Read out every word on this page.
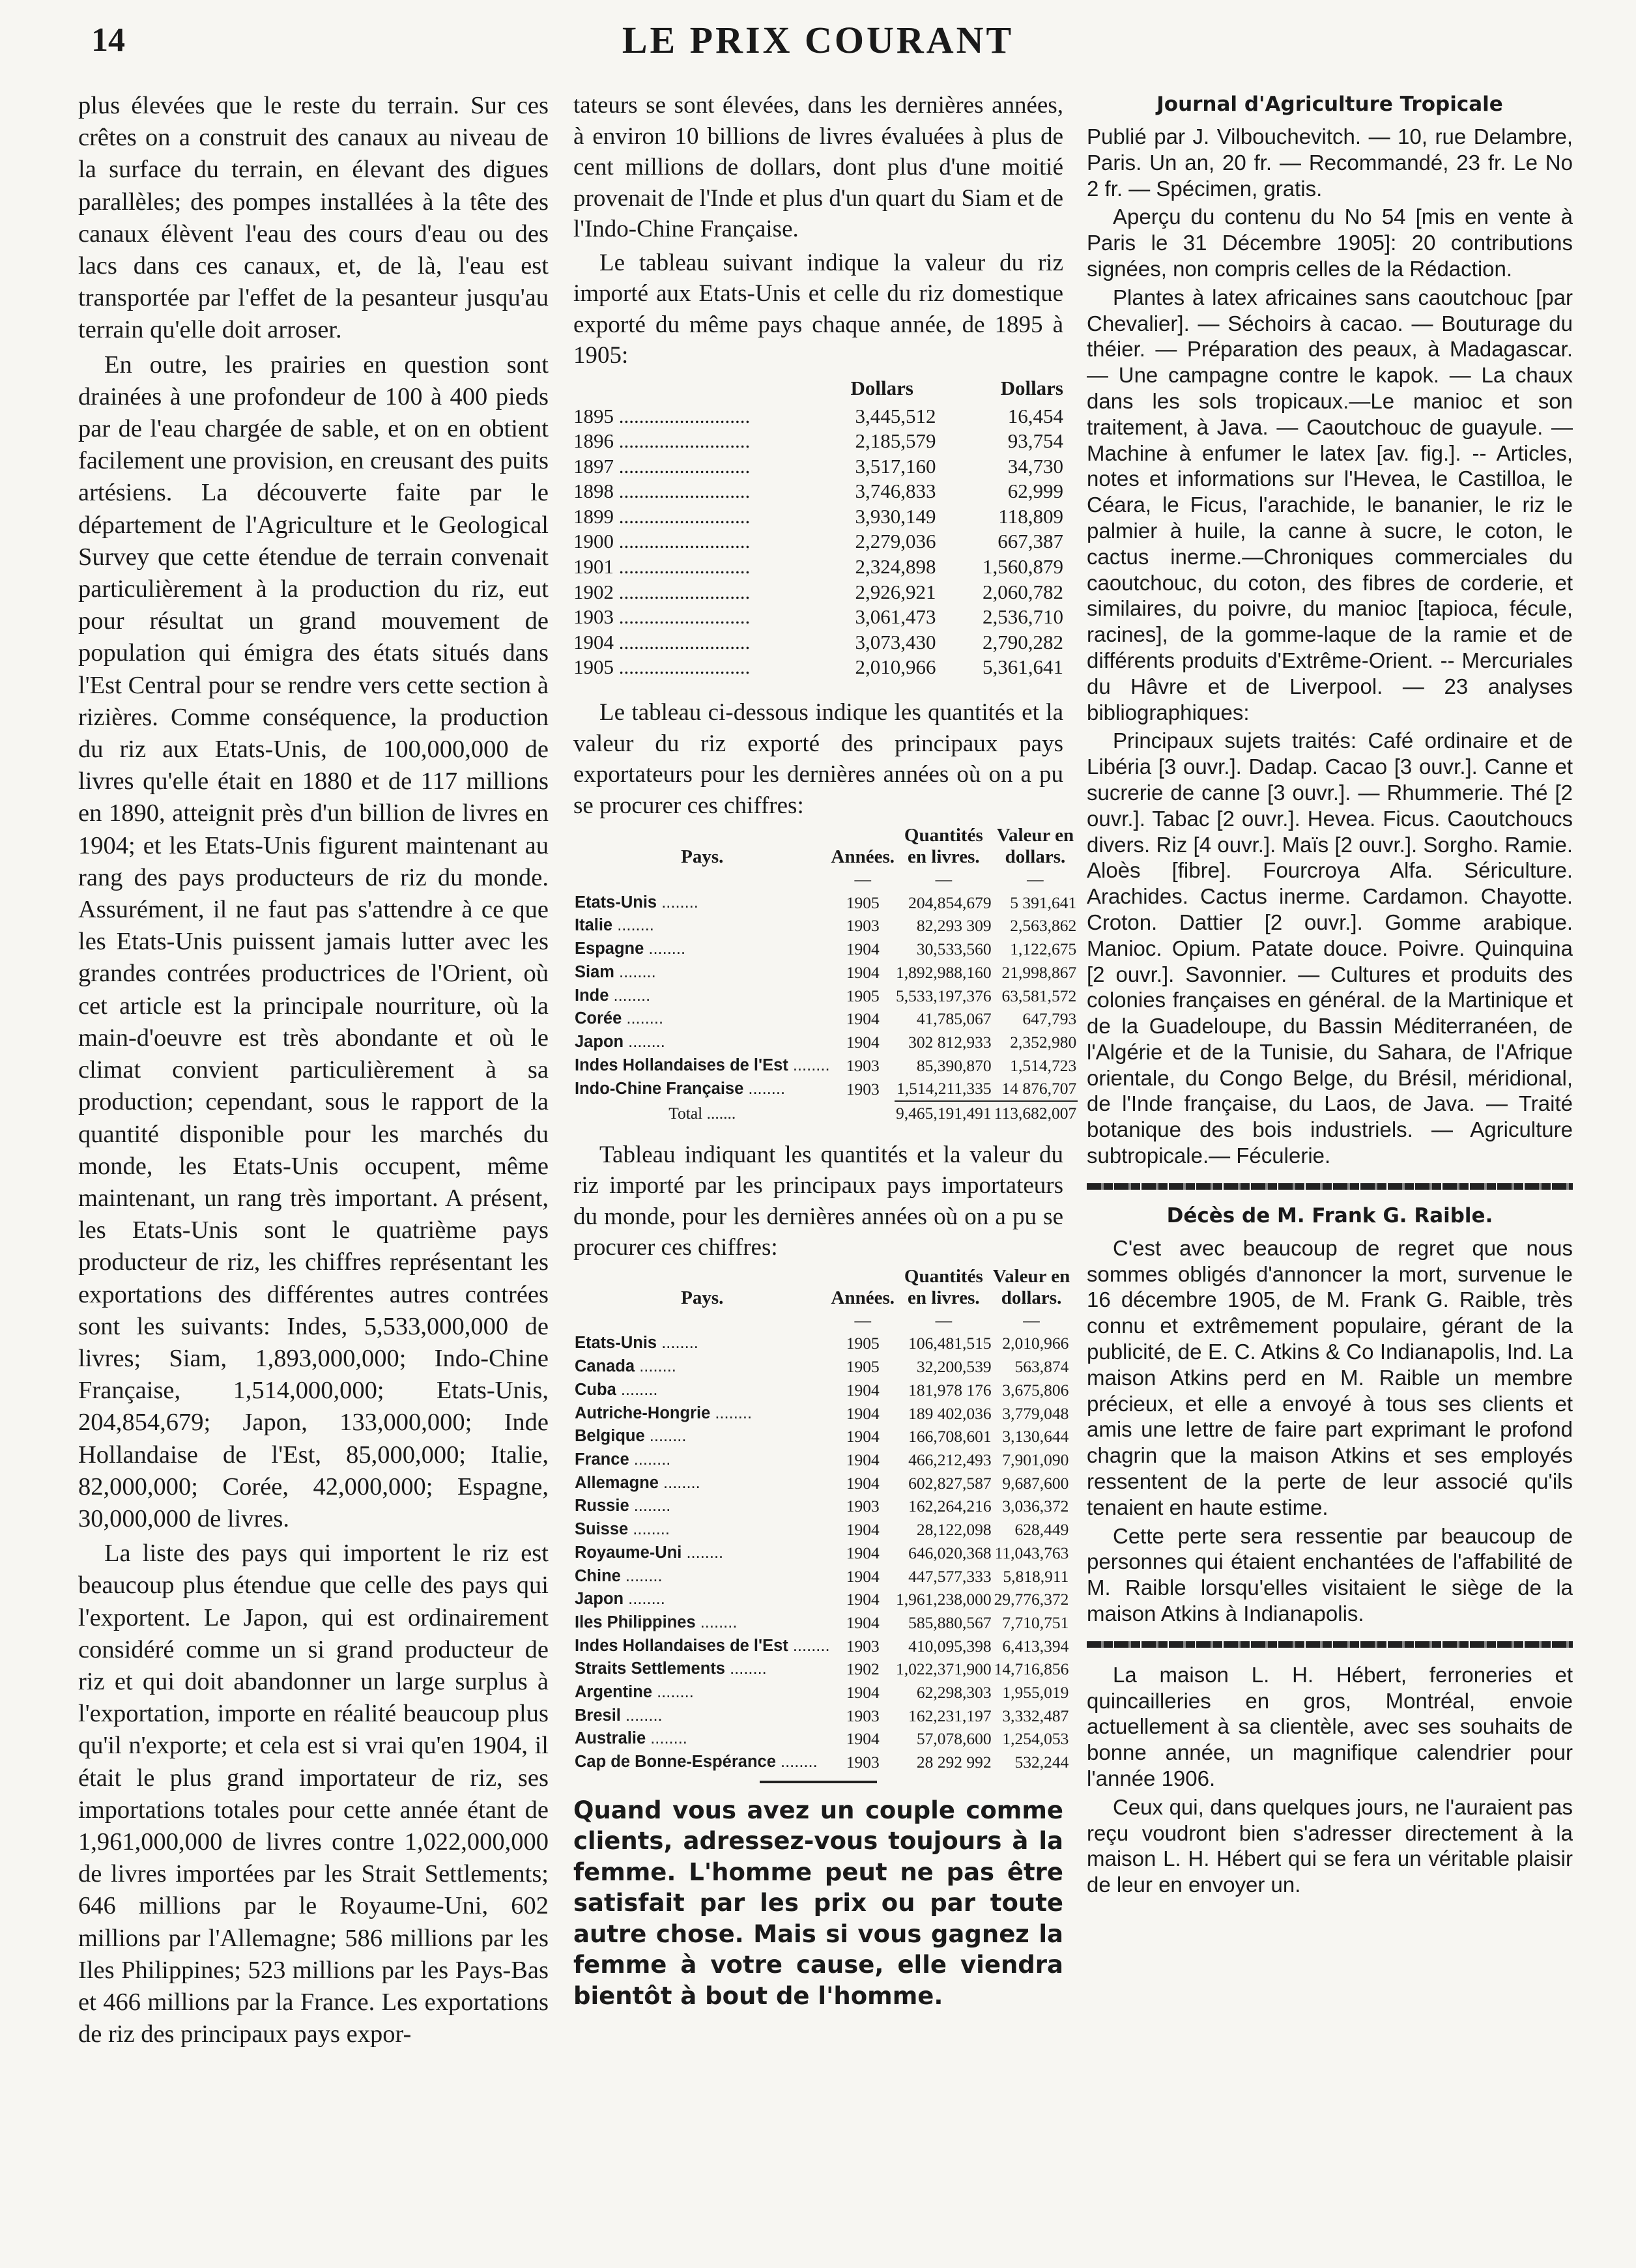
14	LE PRIX COURANT

plus élevées que le reste du terrain. Sur ces crêtes on a construit des canaux au niveau de la surface du terrain, en élevant des digues parallèles; des pompes installées à la tête des canaux élèvent l'eau des cours d'eau ou des lacs dans ces canaux, et, de là, l'eau est transportée par l'effet de la pesanteur jusqu'au terrain qu'elle doit arroser.

En outre, les prairies en question sont drainées à une profondeur de 100 à 400 pieds par de l'eau chargée de sable, et on en obtient facilement une provision, en creusant des puits artésiens. La découverte faite par le département de l'Agriculture et le Geological Survey que cette étendue de terrain convenait particulièrement à la production du riz, eut pour résultat un grand mouvement de population qui émigra des états situés dans l'Est Central pour se rendre vers cette section à rizières. Comme conséquence, la production du riz aux Etats-Unis, de 100,000,000 de livres qu'elle était en 1880 et de 117 millions en 1890, atteignit près d'un billion de livres en 1904; et les Etats-Unis figurent maintenant au rang des pays producteurs de riz du monde. Assurément, il ne faut pas s'attendre à ce que les Etats-Unis puissent jamais lutter avec les grandes contrées productrices de l'Orient, où cet article est la principale nourriture, où la main-d'oeuvre est très abondante et où le climat convient particulièrement à sa production; cependant, sous le rapport de la quantité disponible pour les marchés du monde, les Etats-Unis occupent, même maintenant, un rang très important. A présent, les Etats-Unis sont le quatrième pays producteur de riz, les chiffres représentant les exportations des différentes autres contrées sont les suivants: Indes, 5,533,000,000 de livres; Siam, 1,893,000,000; Indo-Chine Française, 1,514,000,000; Etats-Unis, 204,854,679; Japon, 133,000,000; Inde Hollandaise de l'Est, 85,000,000; Italie, 82,000,000; Corée, 42,000,000; Espagne, 30,000,000 de livres.

La liste des pays qui importent le riz est beaucoup plus étendue que celle des pays qui l'exportent. Le Japon, qui est ordinairement considéré comme un si grand producteur de riz et qui doit abandonner un large surplus à l'exportation, importe en réalité beaucoup plus qu'il n'exporte; et cela est si vrai qu'en 1904, il était le plus grand importateur de riz, ses importations totales pour cette année étant de 1,961,000,000 de livres contre 1,022,000,000 de livres importées par les Strait Settlements; 646 millions par le Royaume-Uni, 602 millions par l'Allemagne; 586 millions par les Iles Philippines; 523 millions par les Pays-Bas et 466 millions par la France. Les exportations de riz des principaux pays expor-

tateurs se sont élevées, dans les dernières années, à environ 10 billions de livres évaluées à plus de cent millions de dollars, dont plus d'une moitié provenait de l'Inde et plus d'un quart du Siam et de l'Indo-Chine Française.

Le tableau suivant indique la valeur du riz importé aux Etats-Unis et celle du riz domestique exporté du même pays chaque année, de 1895 à 1905:

	Dollars	Dollars
1895 ..........................	3,445,512	16,454
1896 ..........................	2,185,579	93,754
1897 ..........................	3,517,160	34,730
1898 ..........................	3,746,833	62,999
1899 ..........................	3,930,149	118,809
1900 ..........................	2,279,036	667,387
1901 ..........................	2,324,898	1,560,879
1902 ..........................	2,926,921	2,060,782
1903 ..........................	3,061,473	2,536,710
1904 ..........................	3,073,430	2,790,282
1905 ..........................	2,010,966	5,361,641

Le tableau ci-dessous indique les quantités et la valeur du riz exporté des principaux pays exportateurs pour les dernières années où on a pu se procurer ces chiffres:

Pays.	Années.	Quantités en livres.	Valeur en dollars.
	—	—	—
Etats-Unis ........	1905	204,854,679	5 391,641
Italie ........	1903	82,293 309	2,563,862
Espagne ........	1904	30,533,560	1,122,675
Siam ........	1904	1,892,988,160	21,998,867
Inde ........	1905	5,533,197,376	63,581,572
Corée ........	1904	41,785,067	647,793
Japon ........	1904	302 812,933	2,352,980
Indes Hollandaises de l'Est ........	1903	85,390,870	1,514,723
Indo-Chine Française ........	1903	1,514,211,335	14 876,707
Total .......		9,465,191,491	113,682,007

Tableau indiquant les quantités et la valeur du riz importé par les principaux pays importateurs du monde, pour les dernières années où on a pu se procurer ces chiffres:

Pays.	Années.	Quantités en livres.	Valeur en dollars.
	—	—	—
Etats-Unis ........	1905	106,481,515	2,010,966
Canada ........	1905	32,200,539	563,874
Cuba ........	1904	181,978 176	3,675,806
Autriche-Hongrie ........	1904	189 402,036	3,779,048
Belgique ........	1904	166,708,601	3,130,644
France ........	1904	466,212,493	7,901,090
Allemagne ........	1904	602,827,587	9,687,600
Russie ........	1903	162,264,216	3,036,372
Suisse ........	1904	28,122,098	628,449
Royaume-Uni ........	1904	646,020,368	11,043,763
Chine ........	1904	447,577,333	5,818,911
Japon ........	1904	1,961,238,000	29,776,372
Iles Philippines ........	1904	585,880,567	7,710,751
Indes Hollandaises de l'Est ........	1903	410,095,398	6,413,394
Straits Settlements ........	1902	1,022,371,900	14,716,856
Argentine ........	1904	62,298,303	1,955,019
Bresil ........	1903	162,231,197	3,332,487
Australie ........	1904	57,078,600	1,254,053
Cap de Bonne-Espérance ........	1903	28 292 992	532,244

Quand vous avez un couple comme clients, adressez-vous toujours à la femme. L'homme peut ne pas être satisfait par les prix ou par toute autre chose. Mais si vous gagnez la femme à votre cause, elle viendra bientôt à bout de l'homme.

Journal d'Agriculture Tropicale

Publié par J. Vilbouchevitch. — 10, rue Delambre, Paris. Un an, 20 fr. — Recommandé, 23 fr. Le No 2 fr. — Spécimen, gratis.

Aperçu du contenu du No 54 [mis en vente à Paris le 31 Décembre 1905]: 20 contributions signées, non compris celles de la Rédaction.

Plantes à latex africaines sans caoutchouc [par Chevalier]. — Séchoirs à cacao. — Bouturage du théier. — Préparation des peaux, à Madagascar. — Une campagne contre le kapok. — La chaux dans les sols tropicaux.—Le manioc et son traitement, à Java. — Caoutchouc de guayule. — Machine à enfumer le latex [av. fig.]. -- Articles, notes et informations sur l'Hevea, le Castilloa, le Céara, le Ficus, l'arachide, le bananier, le riz le palmier à huile, la canne à sucre, le coton, le cactus inerme.—Chroniques commerciales du caoutchouc, du coton, des fibres de corderie, et similaires, du poivre, du manioc [tapioca, fécule, racines], de la gomme-laque de la ramie et de différents produits d'Extrême-Orient. -- Mercuriales du Hâvre et de Liverpool. — 23 analyses bibliographiques:

Principaux sujets traités: Café ordinaire et de Libéria [3 ouvr.]. Dadap. Cacao [3 ouvr.]. Canne et sucrerie de canne [3 ouvr.]. — Rhummerie. Thé [2 ouvr.]. Tabac [2 ouvr.]. Hevea. Ficus. Caoutchoucs divers. Riz [4 ouvr.]. Maïs [2 ouvr.]. Sorgho. Ramie. Aloès [fibre]. Fourcroya Alfa. Sériculture. Arachides. Cactus inerme. Cardamon. Chayotte. Croton. Dattier [2 ouvr.]. Gomme arabique. Manioc. Opium. Patate douce. Poivre. Quinquina [2 ouvr.]. Savonnier. — Cultures et produits des colonies françaises en général. de la Martinique et de la Guadeloupe, du Bassin Méditerranéen, de l'Algérie et de la Tunisie, du Sahara, de l'Afrique orientale, du Congo Belge, du Brésil, méridional, de l'Inde française, du Laos, de Java. — Traité botanique des bois industriels. — Agriculture subtropicale.— Féculerie.

Décès de M. Frank G. Raible.

C'est avec beaucoup de regret que nous sommes obligés d'annoncer la mort, survenue le 16 décembre 1905, de M. Frank G. Raible, très connu et extrêmement populaire, gérant de la publicité, de E. C. Atkins & Co Indianapolis, Ind. La maison Atkins perd en M. Raible un membre précieux, et elle a envoyé à tous ses clients et amis une lettre de faire part exprimant le profond chagrin que la maison Atkins et ses employés ressentent de la perte de leur associé qu'ils tenaient en haute estime.

Cette perte sera ressentie par beaucoup de personnes qui étaient enchantées de l'affabilité de M. Raible lorsqu'elles visitaient le siège de la maison Atkins à Indianapolis.

La maison L. H. Hébert, ferroneries et quincailleries en gros, Montréal, envoie actuellement à sa clientèle, avec ses souhaits de bonne année, un magnifique calendrier pour l'année 1906.

Ceux qui, dans quelques jours, ne l'auraient pas reçu voudront bien s'adresser directement à la maison L. H. Hébert qui se fera un véritable plaisir de leur en envoyer un.
